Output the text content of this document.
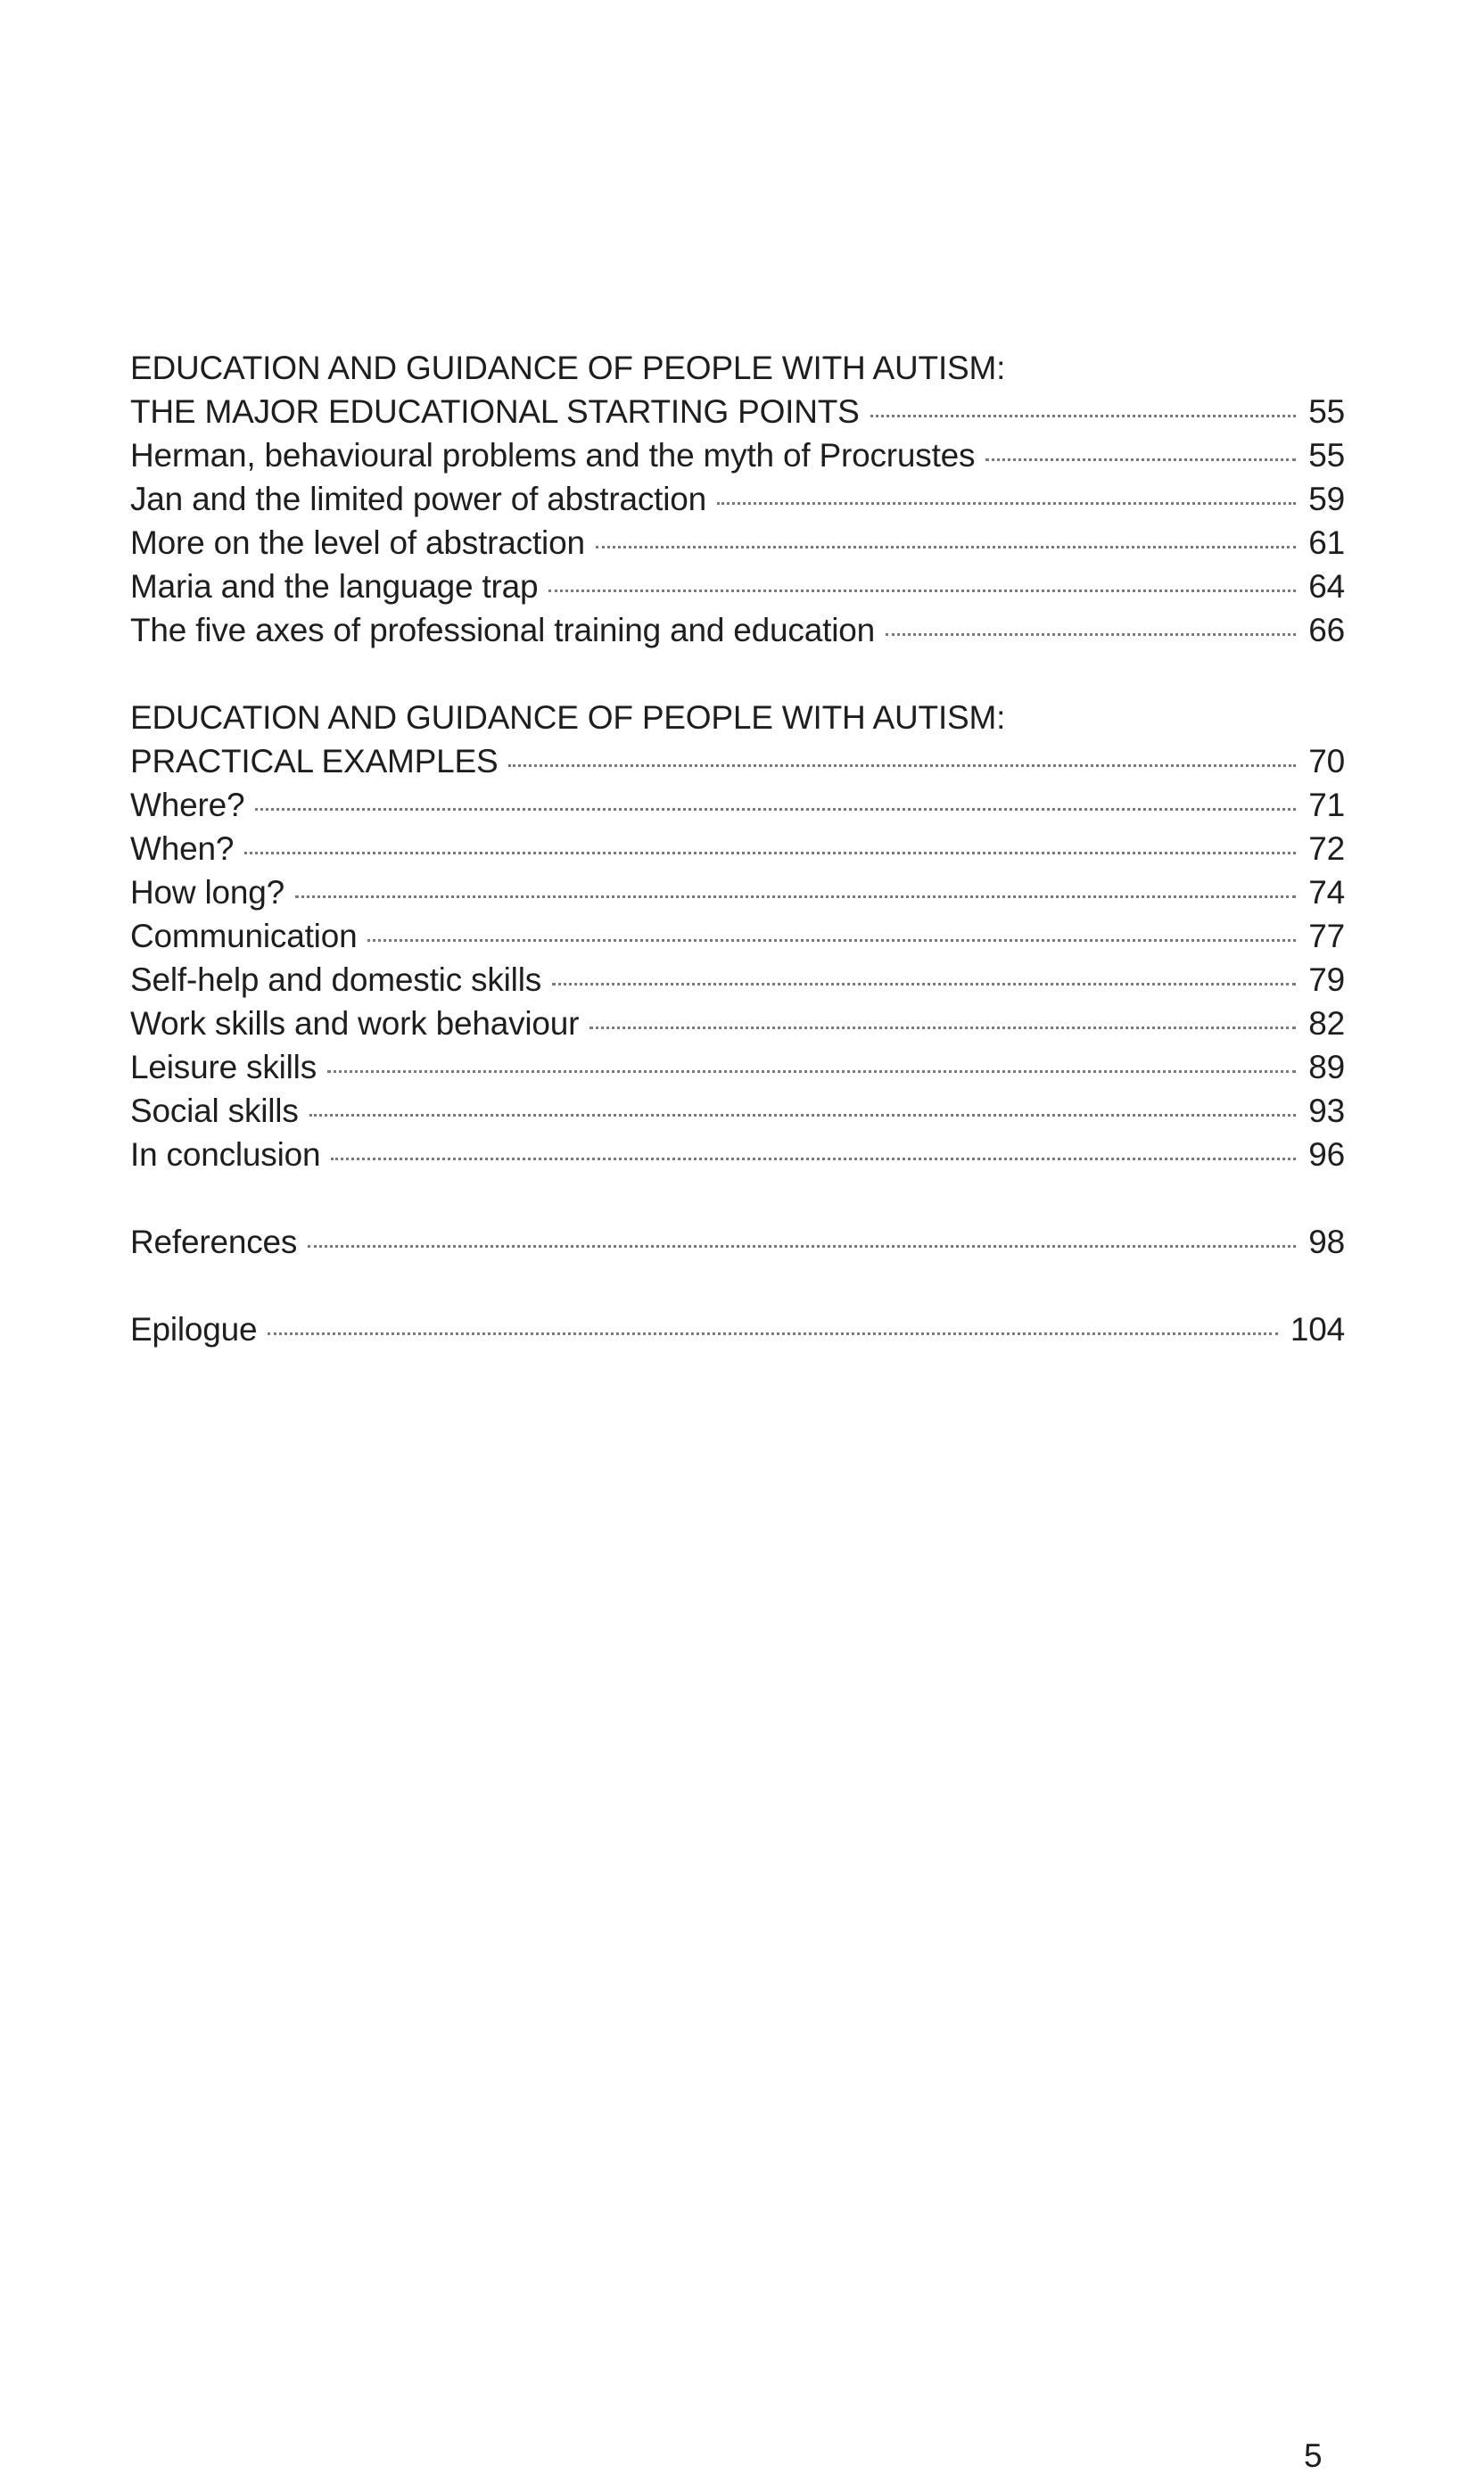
EDUCATION AND GUIDANCE OF PEOPLE WITH AUTISM:
THE MAJOR EDUCATIONAL STARTING POINTS	55
Herman, behavioural problems and the myth of Procrustes	55
Jan and the limited power of abstraction	59
More on the level of abstraction	61
Maria and the language trap	64
The five axes of professional training and education	66
EDUCATION AND GUIDANCE OF PEOPLE WITH AUTISM:
PRACTICAL EXAMPLES	70
Where?	71
When?	72
How long?	74
Communication	77
Self-help and domestic skills	79
Work skills and work behaviour	82
Leisure skills	89
Social skills	93
In conclusion	96
References	98
Epilogue	104
5
